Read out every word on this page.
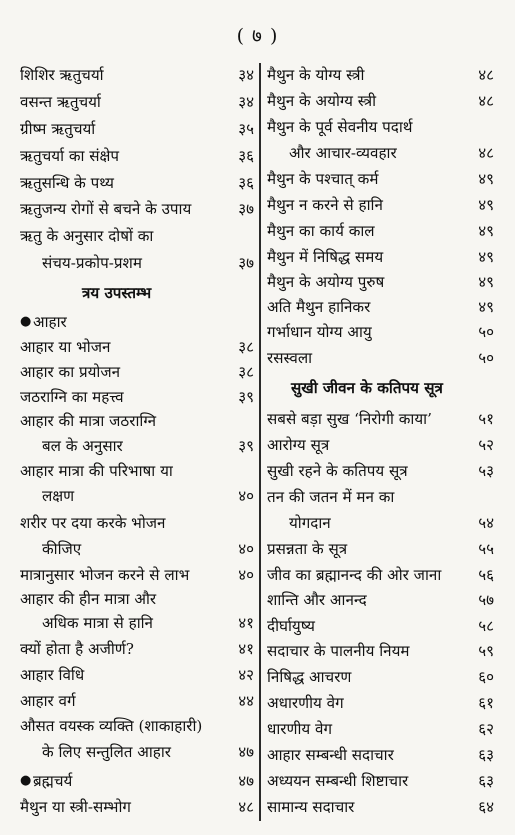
( ७ )
शिशिर ऋतुचर्या	३४
वसन्त ऋतुचर्या	३४
ग्रीष्म ऋतुचर्या	३५
ऋतुचर्या का संक्षेप	३६
ऋतुसन्धि के पथ्य	३६
ऋतुजन्य रोगों से बचने के उपाय	३७
ऋतु के अनुसार दोषों का
संचय-प्रकोप-प्रशम	३७
त्रय उपस्तम्भ
● आहार
आहार या भोजन	३८
आहार का प्रयोजन	३८
जठराग्नि का महत्त्व	३९
आहार की मात्रा जठराग्नि
बल के अनुसार	३९
आहार मात्रा की परिभाषा या
लक्षण	४०
शरीर पर दया करके भोजन
कीजिए	४०
मात्रानुसार भोजन करने से लाभ	४०
आहार की हीन मात्रा और
अधिक मात्रा से हानि	४१
क्यों होता है अजीर्ण?	४१
आहार विधि	४२
आहार वर्ग	४४
औसत वयस्क व्यक्ति (शाकाहारी)
के लिए सन्तुलित आहार	४७
● ब्रह्मचर्य	४७
मैथुन या स्त्री-सम्भोग	४८
मैथुन के योग्य स्त्री	४८
मैथुन के अयोग्य स्त्री	४८
मैथुन के पूर्व सेवनीय पदार्थ
और आचार-व्यवहार	४८
मैथुन के पश्चात् कर्म	४९
मैथुन न करने से हानि	४९
मैथुन का कार्य काल	४९
मैथुन में निषिद्ध समय	४९
मैथुन के अयोग्य पुरुष	४९
अति मैथुन हानिकर	४९
गर्भाधान योग्य आयु	५०
रसस्वला	५०
सुखी जीवन के कतिपय सूत्र
सबसे बड़ा सुख ‘निरोगी काया’	५१
आरोग्य सूत्र	५२
सुखी रहने के कतिपय सूत्र	५३
तन की जतन में मन का
योगदान	५४
प्रसन्नता के सूत्र	५५
जीव का ब्रह्मानन्द की ओर जाना ५६
शान्ति और आनन्द	५७
दीर्घायुष्य	५८
सदाचार के पालनीय नियम	५९
निषिद्ध आचरण	६०
अधारणीय वेग	६१
धारणीय वेग	६२
आहार सम्बन्धी सदाचार	६३
अध्ययन सम्बन्धी शिष्टाचार	६३
सामान्य सदाचार	६४
